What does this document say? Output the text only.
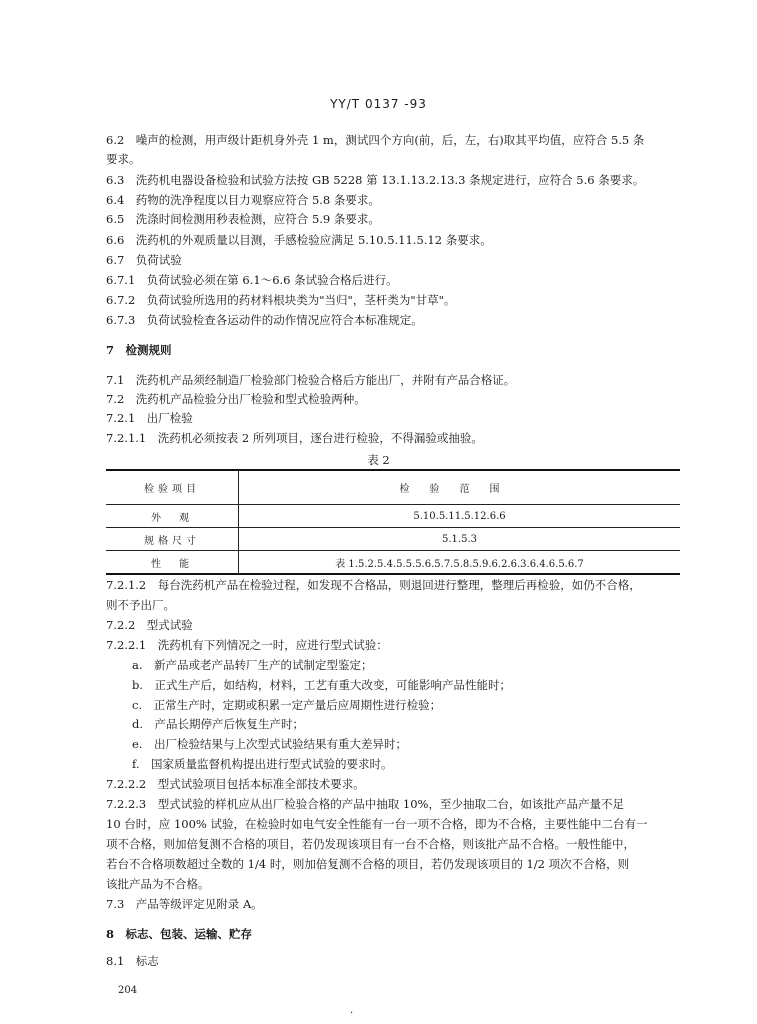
YY/T 0137 -93
6.2　噪声的检测，用声级计距机身外壳 1 m，测试四个方向(前，后，左，右)取其平均值，应符合 5.5 条
要求。
6.3　洗药机电器设备检验和试验方法按 GB 5228 第 13.1.13.2.13.3 条规定进行，应符合 5.6 条要求。
6.4　药物的洗净程度以目力观察应符合 5.8 条要求。
6.5　洗涤时间检测用秒表检测，应符合 5.9 条要求。
6.6　洗药机的外观质量以目测，手感检验应满足 5.10.5.11.5.12 条要求。
6.7　负荷试验
6.7.1　负荷试验必须在第 6.1～6.6 条试验合格后进行。
6.7.2　负荷试验所选用的药材料根块类为"当归"，茎杆类为"甘草"。
6.7.3　负荷试验检查各运动件的动作情况应符合本标准规定。
7　检测规则
7.1　洗药机产品须经制造厂检验部门检验合格后方能出厂，并附有产品合格证。
7.2　洗药机产品检验分出厂检验和型式检验两种。
7.2.1　出厂检验
7.2.1.1　洗药机必须按表 2 所列项目，逐台进行检验，不得漏验或抽验。
表 2
检验项目	检验范围
外　观	5.10.5.11.5.12.6.6
规格尺寸	5.1.5.3
性　能	表 1.5.2.5.4.5.5.5.6.5.7.5.8.5.9.6.2.6.3.6.4.6.5.6.7
7.2.1.2　每台洗药机产品在检验过程，如发现不合格品，则退回进行整理，整理后再检验，如仍不合格，
则不予出厂。
7.2.2　型式试验
7.2.2.1　洗药机有下列情况之一时，应进行型式试验：
a.　新产品或老产品转厂生产的试制定型鉴定；
b.　正式生产后，如结构，材料，工艺有重大改变，可能影响产品性能时；
c.　正常生产时，定期或积累一定产量后应周期性进行检验；
d.　产品长期停产后恢复生产时；
e.　出厂检验结果与上次型式试验结果有重大差异时；
f.　国家质量监督机构提出进行型式试验的要求时。
7.2.2.2　型式试验项目包括本标准全部技术要求。
7.2.2.3　型式试验的样机应从出厂检验合格的产品中抽取 10%，至少抽取二台，如该批产品产量不足
10 台时，应 100% 试验，在检验时如电气安全性能有一台一项不合格，即为不合格，主要性能中二台有一
项不合格，则加倍复测不合格的项目，若仍发现该项目有一台不合格，则该批产品不合格。一般性能中，
若台不合格项数超过全数的 1/4 时，则加倍复测不合格的项目，若仍发现该项目的 1/2 项次不合格，则
该批产品为不合格。
7.3　产品等级评定见附录 A。
8　标志、包装、运输、贮存
8.1　标志
204
·
